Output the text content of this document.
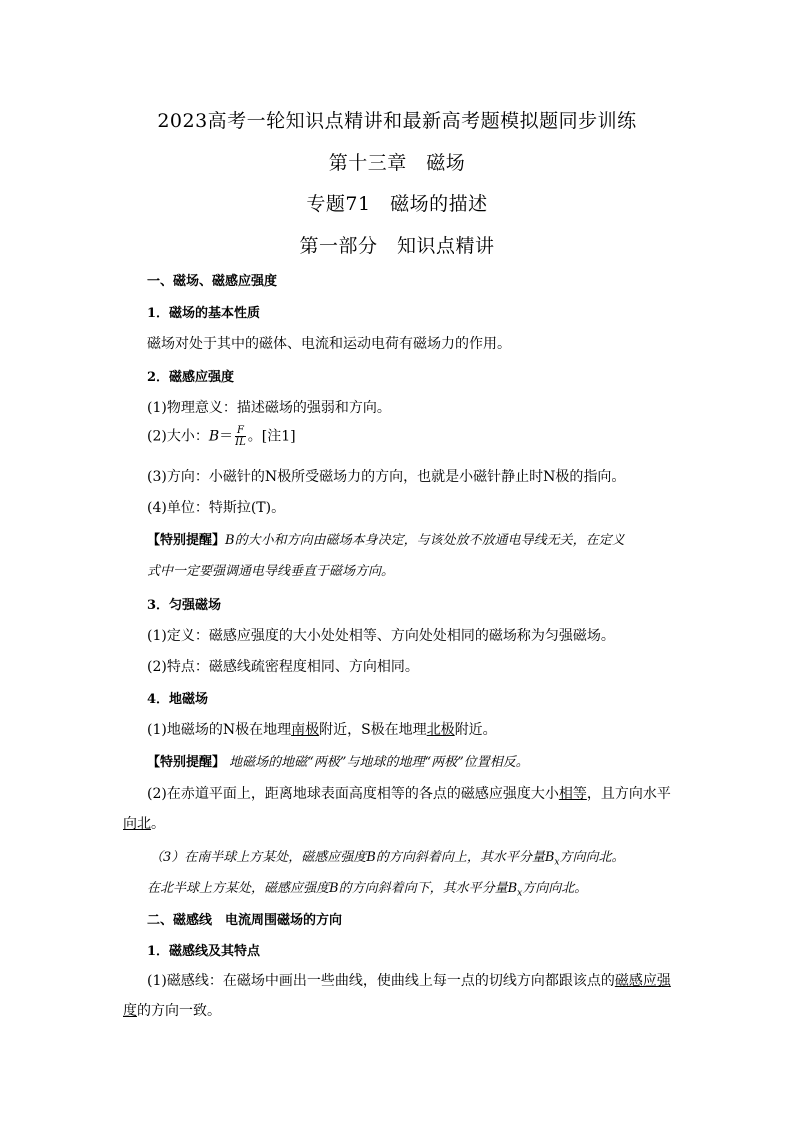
2023高考一轮知识点精讲和最新高考题模拟题同步训练
第十三章　磁场
专题71　磁场的描述
第一部分　知识点精讲
一、磁场、磁感应强度
1．磁场的基本性质
磁场对处于其中的磁体、电流和运动电荷有磁场力的作用。
2．磁感应强度
(1)物理意义：描述磁场的强弱和方向。
(2)大小：$B= \frac{F}{IL}$ 。[注1]
(3)方向：小磁针的N极所受磁场力的方向，也就是小磁针静止时N极的指向。
(4)单位：特斯拉(T)。
【特别提醒】B的大小和方向由磁场本身决定，与该处放不放通电导线无关，在定义
式中一定要强调通电导线垂直于磁场方向。
3．匀强磁场
(1)定义：磁感应强度的大小处处相等、方向处处相同的磁场称为匀强磁场。
(2)特点：磁感线疏密程度相同、方向相同。
4．地磁场
(1)地磁场的N极在地理南极附近，S极在地理北极附近。
【特别提醒】 地磁场的地磁“两极”与地球的地理“两极”位置相反。
(2)在赤道平面上，距离地球表面高度相等的各点的磁感应强度大小相等，且方向水平
向北。
（3）在南半球上方某处，磁感应强度B的方向斜着向上，其水平分量$B_x$方向向北。
在北半球上方某处，磁感应强度B的方向斜着向下，其水平分量$B_x$方向向北。
二、磁感线　电流周围磁场的方向
1．磁感线及其特点
(1)磁感线：在磁场中画出一些曲线，使曲线上每一点的切线方向都跟该点的磁感应强
度的方向一致。
